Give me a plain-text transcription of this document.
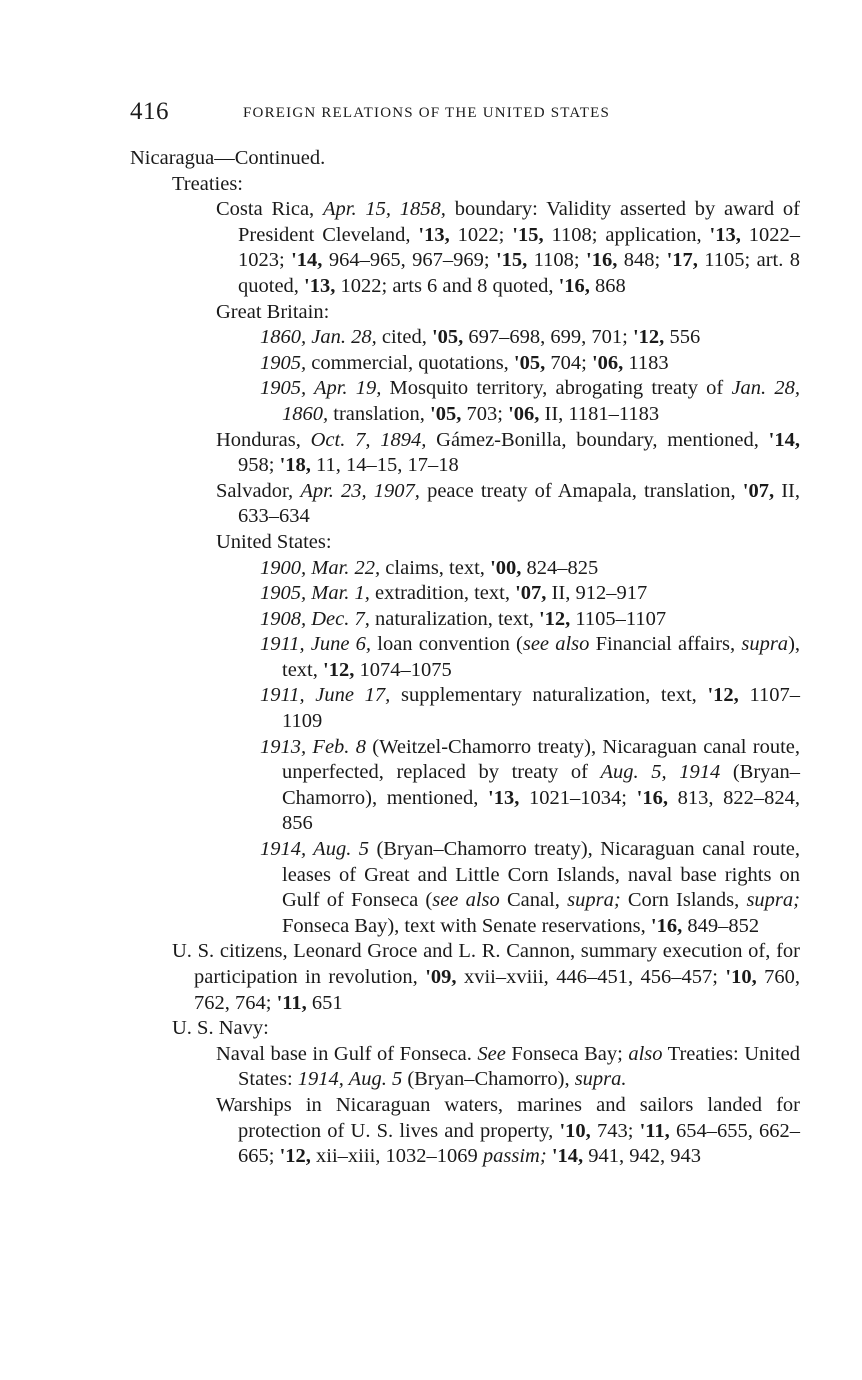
416	FOREIGN RELATIONS OF THE UNITED STATES
Nicaragua—Continued.
Treaties:
Costa Rica, Apr. 15, 1858, boundary: Validity asserted by award of President Cleveland, '13, 1022; '15, 1108; application, '13, 1022–1023; '14, 964–965, 967–969; '15, 1108; '16, 848; '17, 1105; art. 8 quoted, '13, 1022; arts 6 and 8 quoted, '16, 868
Great Britain:
1860, Jan. 28, cited, '05, 697–698, 699, 701; '12, 556
1905, commercial, quotations, '05, 704; '06, 1183
1905, Apr. 19, Mosquito territory, abrogating treaty of Jan. 28, 1860, translation, '05, 703; '06, II, 1181–1183
Honduras, Oct. 7, 1894, Gámez-Bonilla, boundary, mentioned, '14, 958; '18, 11, 14–15, 17–18
Salvador, Apr. 23, 1907, peace treaty of Amapala, translation, '07, II, 633–634
United States:
1900, Mar. 22, claims, text, '00, 824–825
1905, Mar. 1, extradition, text, '07, II, 912–917
1908, Dec. 7, naturalization, text, '12, 1105–1107
1911, June 6, loan convention (see also Financial affairs, supra), text, '12, 1074–1075
1911, June 17, supplementary naturalization, text, '12, 1107–1109
1913, Feb. 8 (Weitzel-Chamorro treaty), Nicaraguan canal route, unperfected, replaced by treaty of Aug. 5, 1914 (Bryan–Chamorro), mentioned, '13, 1021–1034; '16, 813, 822–824, 856
1914, Aug. 5 (Bryan–Chamorro treaty), Nicaraguan canal route, leases of Great and Little Corn Islands, naval base rights on Gulf of Fonseca (see also Canal, supra; Corn Islands, supra; Fonseca Bay), text with Senate reservations, '16, 849–852
U. S. citizens, Leonard Groce and L. R. Cannon, summary execution of, for participation in revolution, '09, xvii–xviii, 446–451, 456–457; '10, 760, 762, 764; '11, 651
U. S. Navy:
Naval base in Gulf of Fonseca. See Fonseca Bay; also Treaties: United States: 1914, Aug. 5 (Bryan–Chamorro), supra.
Warships in Nicaraguan waters, marines and sailors landed for protection of U. S. lives and property, '10, 743; '11, 654–655, 662–665; '12, xii–xiii, 1032–1069 passim; '14, 941, 942, 943
